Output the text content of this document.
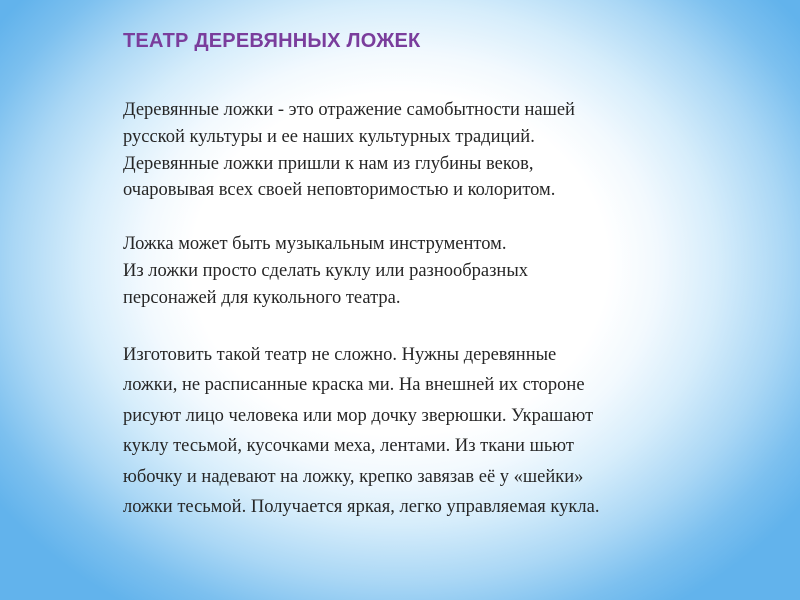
ТЕАТР ДЕРЕВЯННЫХ ЛОЖЕК

Деревянные ложки - это отражение самобытности нашей
русской культуры и ее наших культурных традиций.
Деревянные ложки пришли к нам из глубины веков,
очаровывая всех своей неповторимостью и колоритом.

Ложка может быть музыкальным инструментом.
Из ложки просто сделать куклу или разнообразных
персонажей для кукольного театра.

Изготовить такой театр не сложно. Нужны деревянные
ложки, не расписанные краска ми. На внешней их стороне
рисуют лицо человека или мор дочку зверюшки. Украшают
куклу тесьмой, кусочками меха, лентами. Из ткани шьют
юбочку и надевают на ложку, крепко завязав её у «шейки»
ложки тесьмой. Получается яркая, легко управляемая кукла.
